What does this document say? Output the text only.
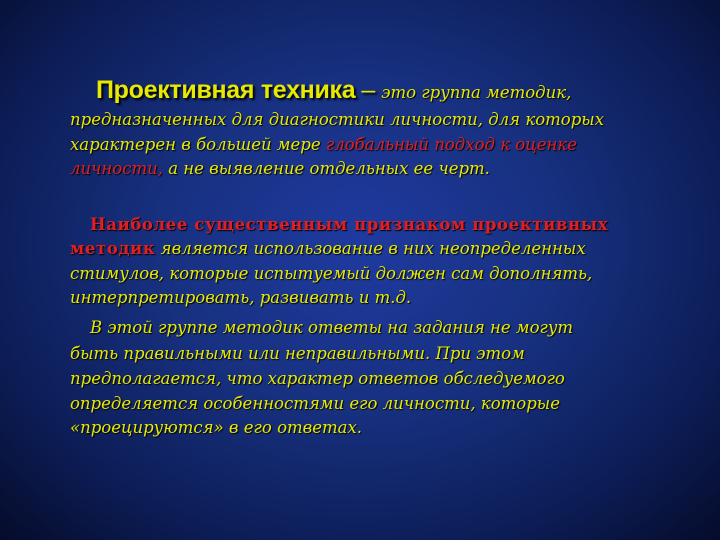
Проективная техника – это группа методик,
предназначенных для диагностики личности, для которых
характерен в большей мере глобальный подход к оценке
личности, а не выявление отдельных ее черт.
Наиболее существенным признаком проективных
методик является использование в них неопределенных
стимулов, которые испытуемый должен сам дополнять,
интерпретировать, развивать и т.д.
В этой группе методик ответы на задания не могут
быть правильными или неправильными. При этом
предполагается, что характер ответов обследуемого
определяется особенностями его личности, которые
«проецируются» в его ответах.
